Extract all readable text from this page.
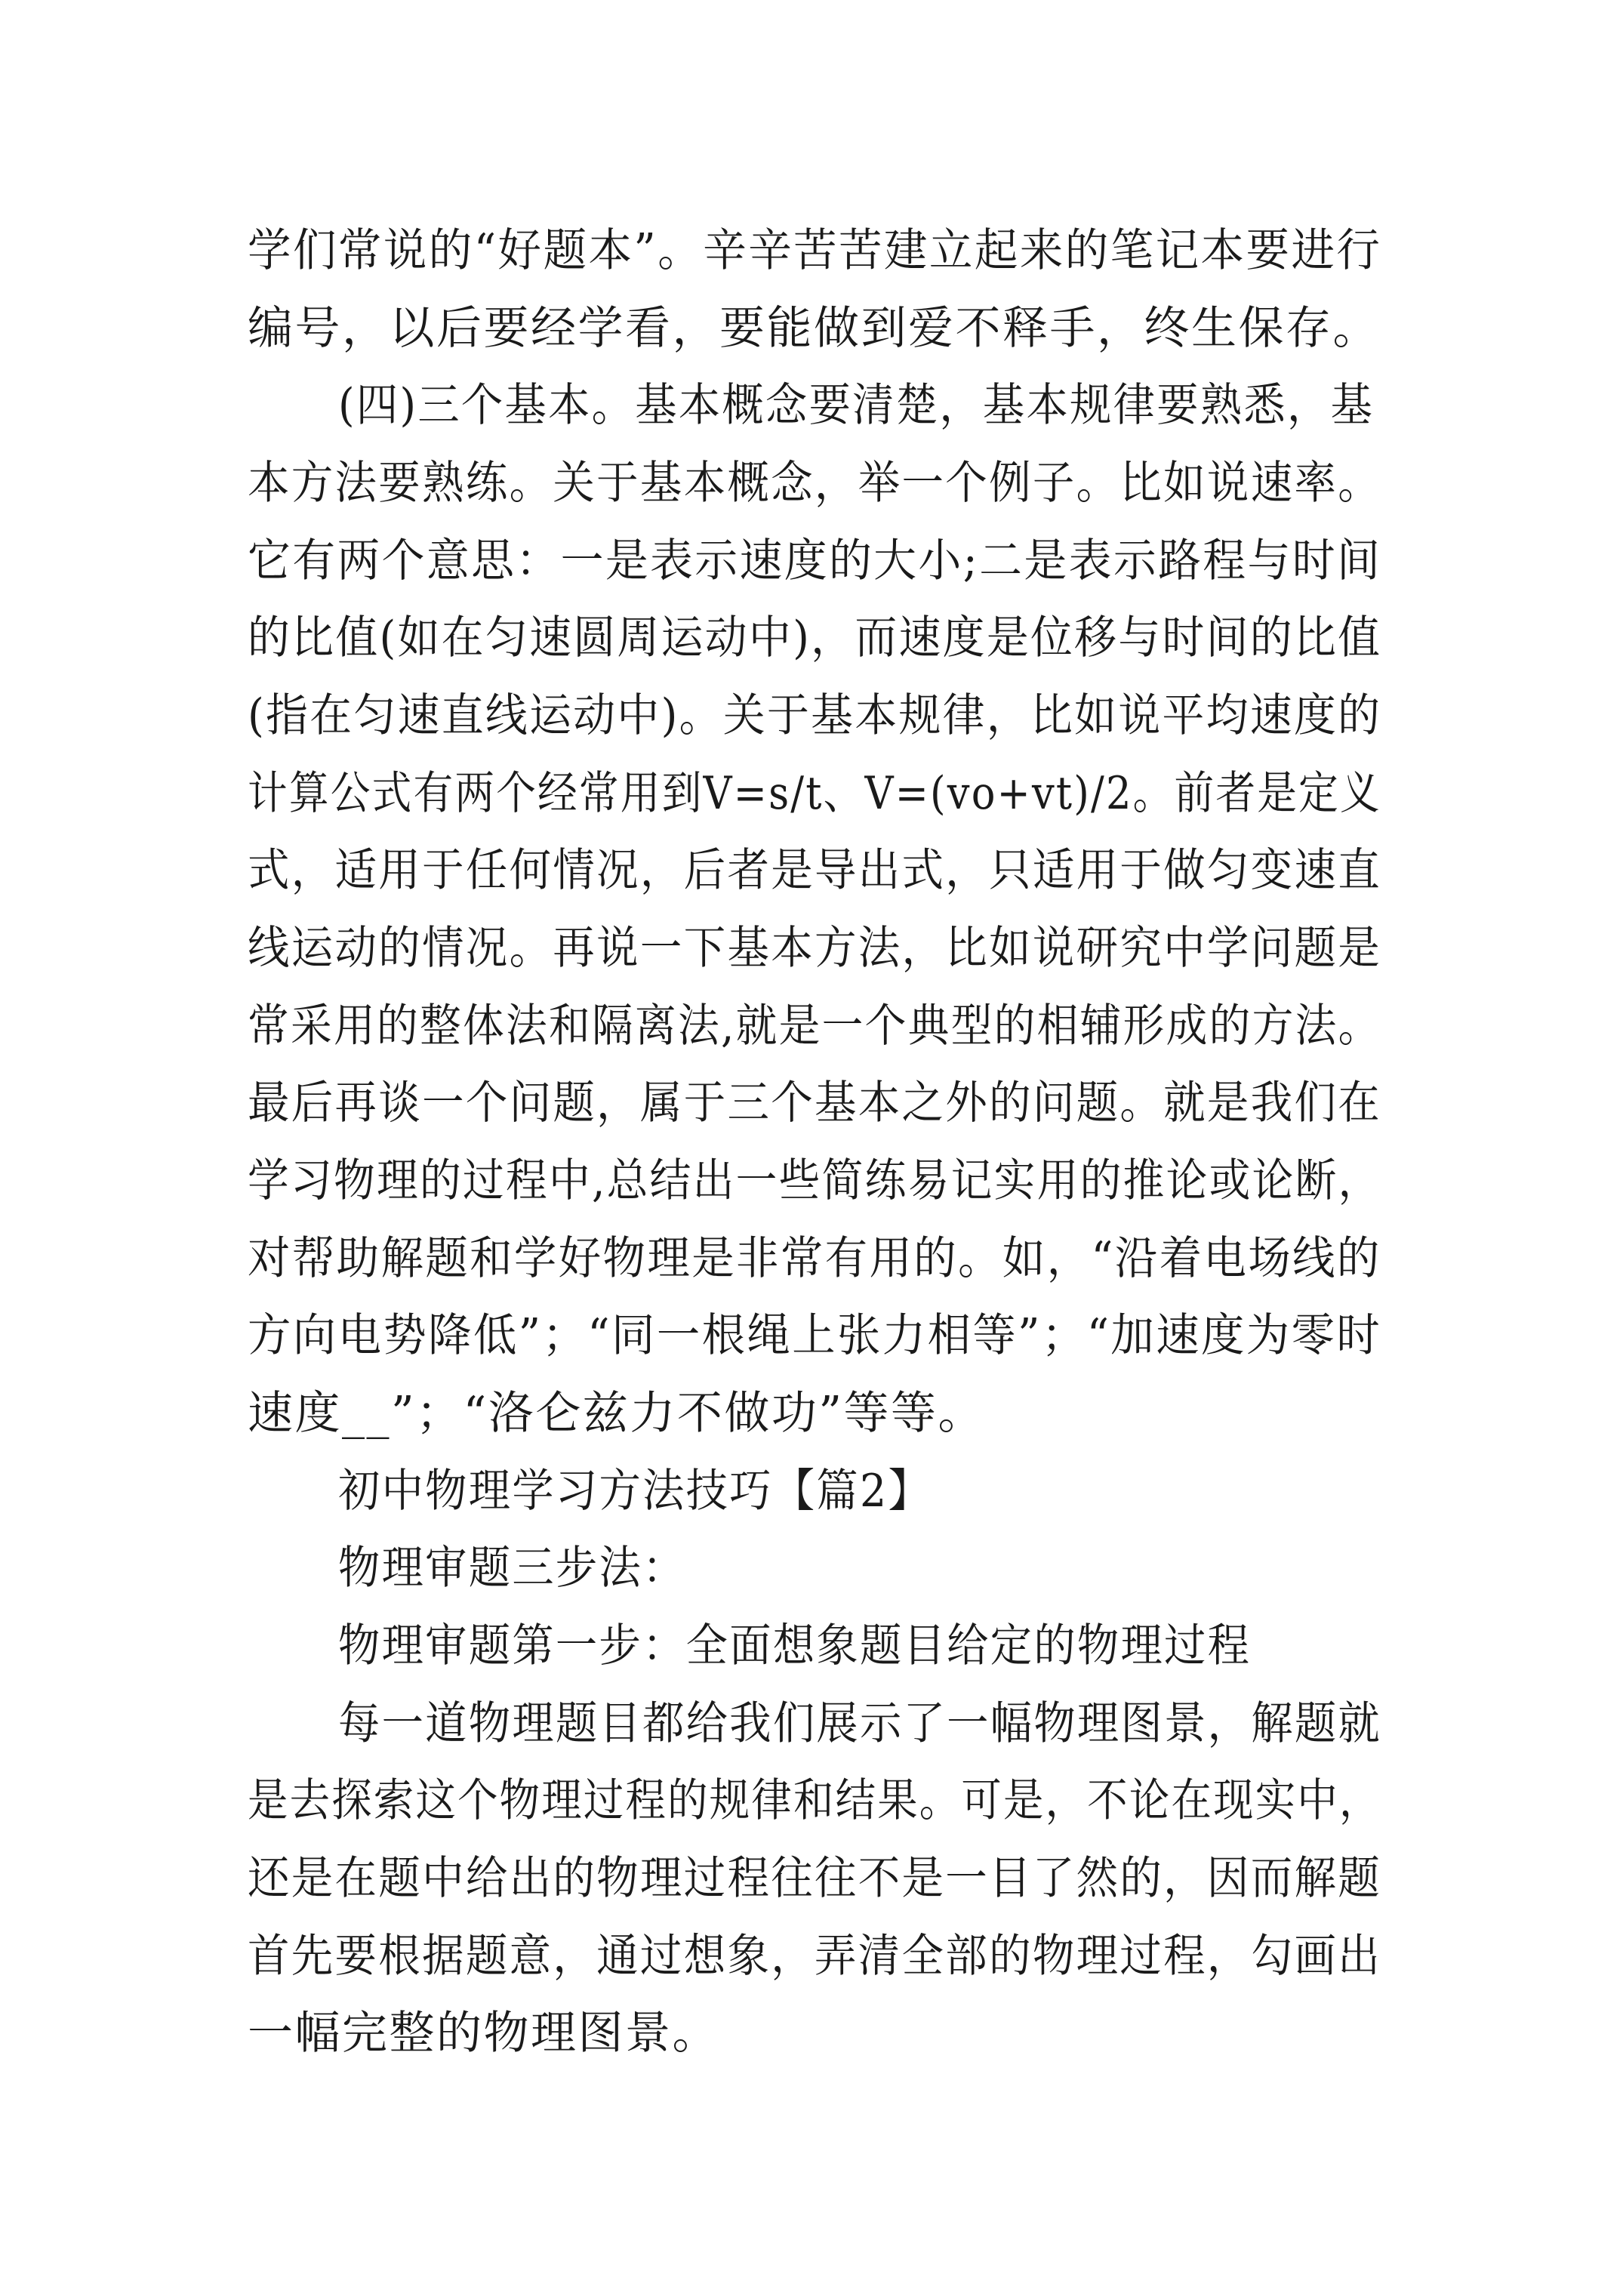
学们常说的“好题本”。辛辛苦苦建立起来的笔记本要进行
编号，以后要经学看，要能做到爱不释手，终生保存。
(四)三个基本。基本概念要清楚，基本规律要熟悉，基
本方法要熟练。关于基本概念，举一个例子。比如说速率。
它有两个意思：一是表示速度的大小;二是表示路程与时间
的比值(如在匀速圆周运动中)，而速度是位移与时间的比值
(指在匀速直线运动中)。关于基本规律，比如说平均速度的
计算公式有两个经常用到V=s/t、V=(vo+vt)/2。前者是定义
式，适用于任何情况，后者是导出式，只适用于做匀变速直
线运动的情况。再说一下基本方法，比如说研究中学问题是
常采用的整体法和隔离法,就是一个典型的相辅形成的方法。
最后再谈一个问题，属于三个基本之外的问题。就是我们在
学习物理的过程中,总结出一些简练易记实用的推论或论断，
对帮助解题和学好物理是非常有用的。如，“沿着电场线的
方向电势降低”；“同一根绳上张力相等”；“加速度为零时
速度__”；“洛仑兹力不做功”等等。
初中物理学习方法技巧【篇2】
物理审题三步法：
物理审题第一步：全面想象题目给定的物理过程
每一道物理题目都给我们展示了一幅物理图景，解题就
是去探索这个物理过程的规律和结果。可是，不论在现实中，
还是在题中给出的物理过程往往不是一目了然的，因而解题
首先要根据题意，通过想象，弄清全部的物理过程，勾画出
一幅完整的物理图景。
